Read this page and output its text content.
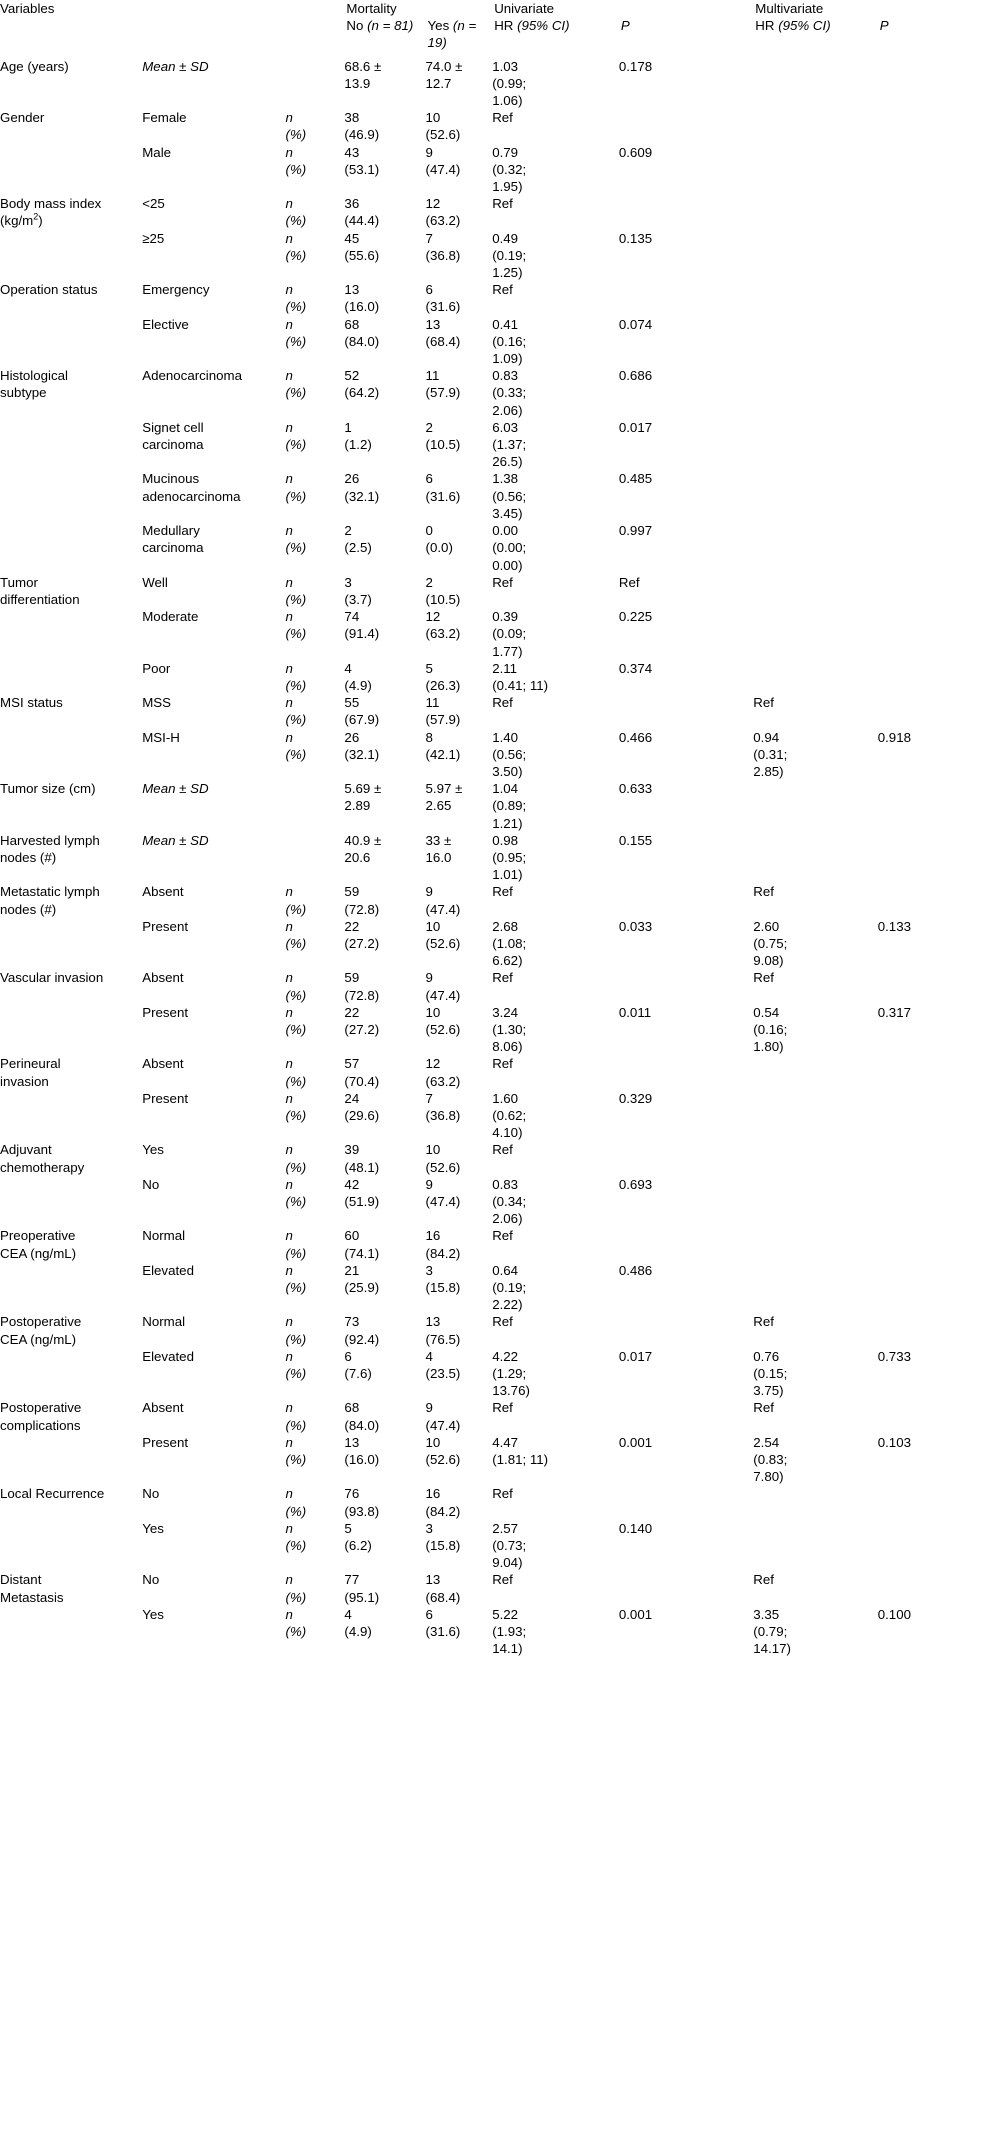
Variables			Mortality		Univariate		Multivariate	

			No (n = 81)	Yes (n = 19)	HR (95% CI)	P	HR (95% CI)	P

Age (years)	Mean ± SD		68.6 ±	74.0 ±	1.03	0.178		
			13.9	12.7	(0.99;			
					1.06)			
Gender	Female	n	38	10	Ref			
		(%)	(46.9)	(52.6)				
	Male	n	43	9	0.79	0.609		
		(%)	(53.1)	(47.4)	(0.32;			
					1.95)			
Body mass index	<25	n	36	12	Ref			
$(kg/m^2)$		(%)	(44.4)	(63.2)				
	≥25	n	45	7	0.49	0.135		
		(%)	(55.6)	(36.8)	(0.19;			
					1.25)			
Operation status	Emergency	n	13	6	Ref			
		(%)	(16.0)	(31.6)				
	Elective	n	68	13	0.41	0.074		
		(%)	(84.0)	(68.4)	(0.16;			
					1.09)			
Histological	Adenocarcinoma	n	52	11	0.83	0.686		
subtype		(%)	(64.2)	(57.9)	(0.33;			
					2.06)			
	Signet cell	n	1	2	6.03	0.017		
	carcinoma	(%)	(1.2)	(10.5)	(1.37;			
					26.5)			
	Mucinous	n	26	6	1.38	0.485		
	adenocarcinoma	(%)	(32.1)	(31.6)	(0.56;			
					3.45)			
	Medullary	n	2	0	0.00	0.997		
	carcinoma	(%)	(2.5)	(0.0)	(0.00;			
					0.00)			
Tumor	Well	n	3	2	Ref	Ref		
differentiation		(%)	(3.7)	(10.5)				
	Moderate	n	74	12	0.39	0.225		
		(%)	(91.4)	(63.2)	(0.09;			
					1.77)			
	Poor	n	4	5	2.11	0.374		
		(%)	(4.9)	(26.3)	(0.41; 11)			
MSI status	MSS	n	55	11	Ref		Ref	
		(%)	(67.9)	(57.9)				
	MSI-H	n	26	8	1.40	0.466	0.94	0.918
		(%)	(32.1)	(42.1)	(0.56;		(0.31;	
					3.50)		2.85)	
Tumor size (cm)	Mean ± SD		5.69 ±	5.97 ±	1.04	0.633		
			2.89	2.65	(0.89;			
					1.21)			
Harvested lymph	Mean ± SD		40.9 ±	33 ±	0.98	0.155		
nodes (#)			20.6	16.0	(0.95;			
					1.01)			
Metastatic lymph	Absent	n	59	9	Ref		Ref	
nodes (#)		(%)	(72.8)	(47.4)				
	Present	n	22	10	2.68	0.033	2.60	0.133
		(%)	(27.2)	(52.6)	(1.08;		(0.75;	
					6.62)		9.08)	
Vascular invasion	Absent	n	59	9	Ref		Ref	
		(%)	(72.8)	(47.4)				
	Present	n	22	10	3.24	0.011	0.54	0.317
		(%)	(27.2)	(52.6)	(1.30;		(0.16;	
					8.06)		1.80)	
Perineural	Absent	n	57	12	Ref			
invasion		(%)	(70.4)	(63.2)				
	Present	n	24	7	1.60	0.329		
		(%)	(29.6)	(36.8)	(0.62;			
					4.10)			
Adjuvant	Yes	n	39	10	Ref			
chemotherapy		(%)	(48.1)	(52.6)				
	No	n	42	9	0.83	0.693		
		(%)	(51.9)	(47.4)	(0.34;			
					2.06)			
Preoperative	Normal	n	60	16	Ref			
CEA (ng/mL)		(%)	(74.1)	(84.2)				
	Elevated	n	21	3	0.64	0.486		
		(%)	(25.9)	(15.8)	(0.19;			
					2.22)			
Postoperative	Normal	n	73	13	Ref		Ref	
CEA (ng/mL)		(%)	(92.4)	(76.5)				
	Elevated	n	6	4	4.22	0.017	0.76	0.733
		(%)	(7.6)	(23.5)	(1.29;		(0.15;	
					13.76)		3.75)	
Postoperative	Absent	n	68	9	Ref		Ref	
complications		(%)	(84.0)	(47.4)				
	Present	n	13	10	4.47	0.001	2.54	0.103
		(%)	(16.0)	(52.6)	(1.81; 11)		(0.83;	
							7.80)	
Local Recurrence	No	n	76	16	Ref			
		(%)	(93.8)	(84.2)				
	Yes	n	5	3	2.57	0.140		
		(%)	(6.2)	(15.8)	(0.73;			
					9.04)			
Distant	No	n	77	13	Ref		Ref	
Metastasis		(%)	(95.1)	(68.4)				
	Yes	n	4	6	5.22	0.001	3.35	0.100
		(%)	(4.9)	(31.6)	(1.93;		(0.79;	
					14.1)		14.17)	
